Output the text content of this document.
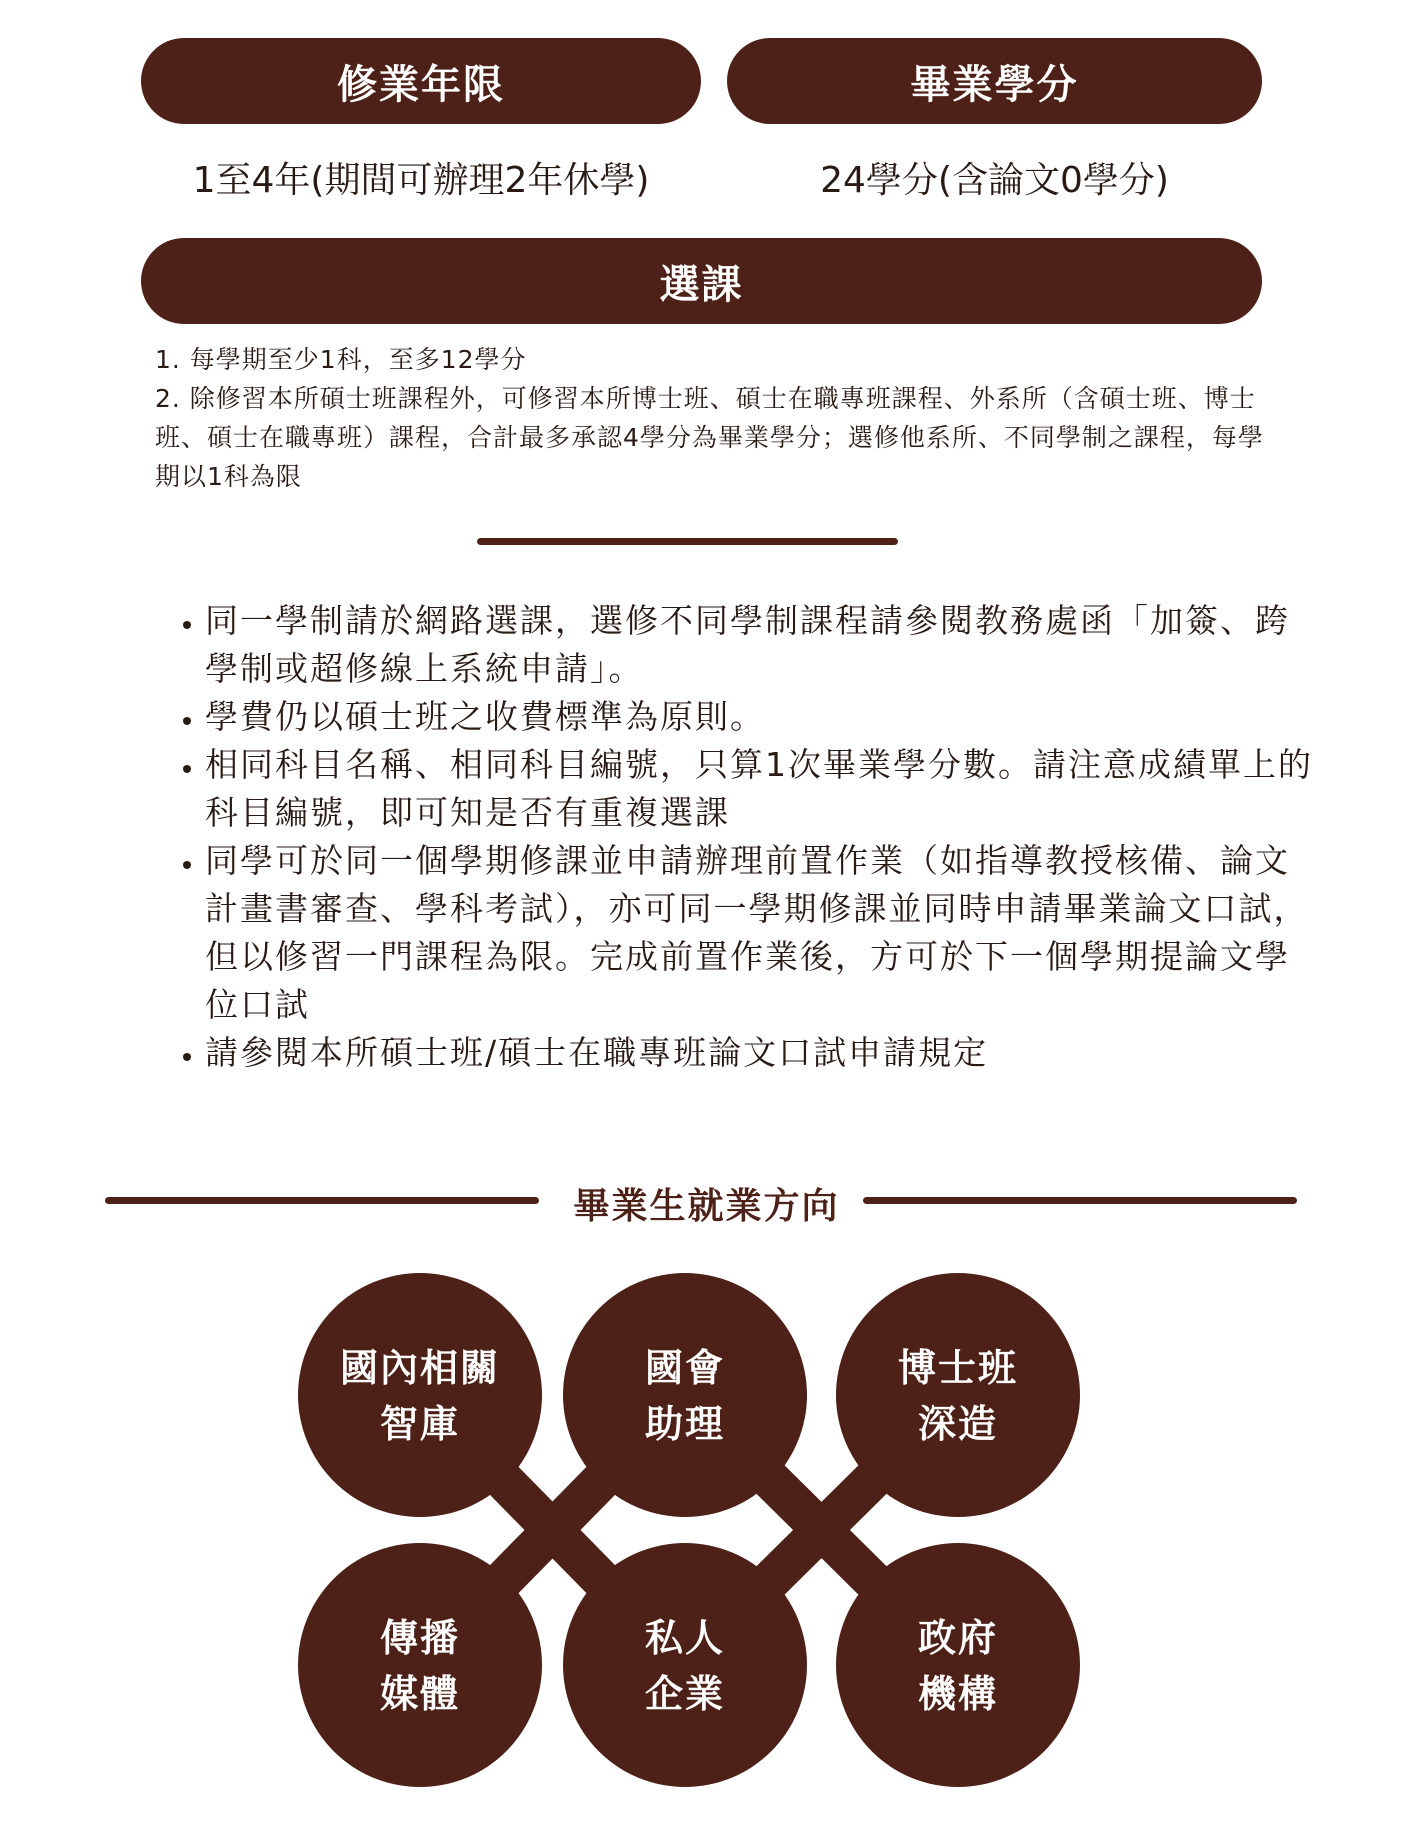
修業年限	畢業學分
1至4年(期間可辦理2年休學)	24學分(含論文0學分)
選課

1. 每學期至少1科，至多12學分

2. 除修習本所碩士班課程外，可修習本所博士班、碩士在職專班課程、外系所（含碩士班、博士班、碩士在職專班）課程，合計最多承認4學分為畢業學分；選修他系所、不同學制之課程，每學期以1科為限

• 同一學制請於網路選課，選修不同學制課程請參閱教務處函「加簽、跨學制或超修線上系統申請」。
• 學費仍以碩士班之收費標準為原則。
• 相同科目名稱、相同科目編號，只算1次畢業學分數。請注意成績單上的科目編號，即可知是否有重複選課
• 同學可於同一個學期修課並申請辦理前置作業（如指導教授核備、論文計畫書審查、學科考試），亦可同一學期修課並同時申請畢業論文口試，但以修習一門課程為限。完成前置作業後，方可於下一個學期提論文學位口試
• 請參閱本所碩士班/碩士在職專班論文口試申請規定
畢業生就業方向
國內相關
智庫
國會
助理
博士班
深造
傳播
媒體
私人
企業
政府
機構
